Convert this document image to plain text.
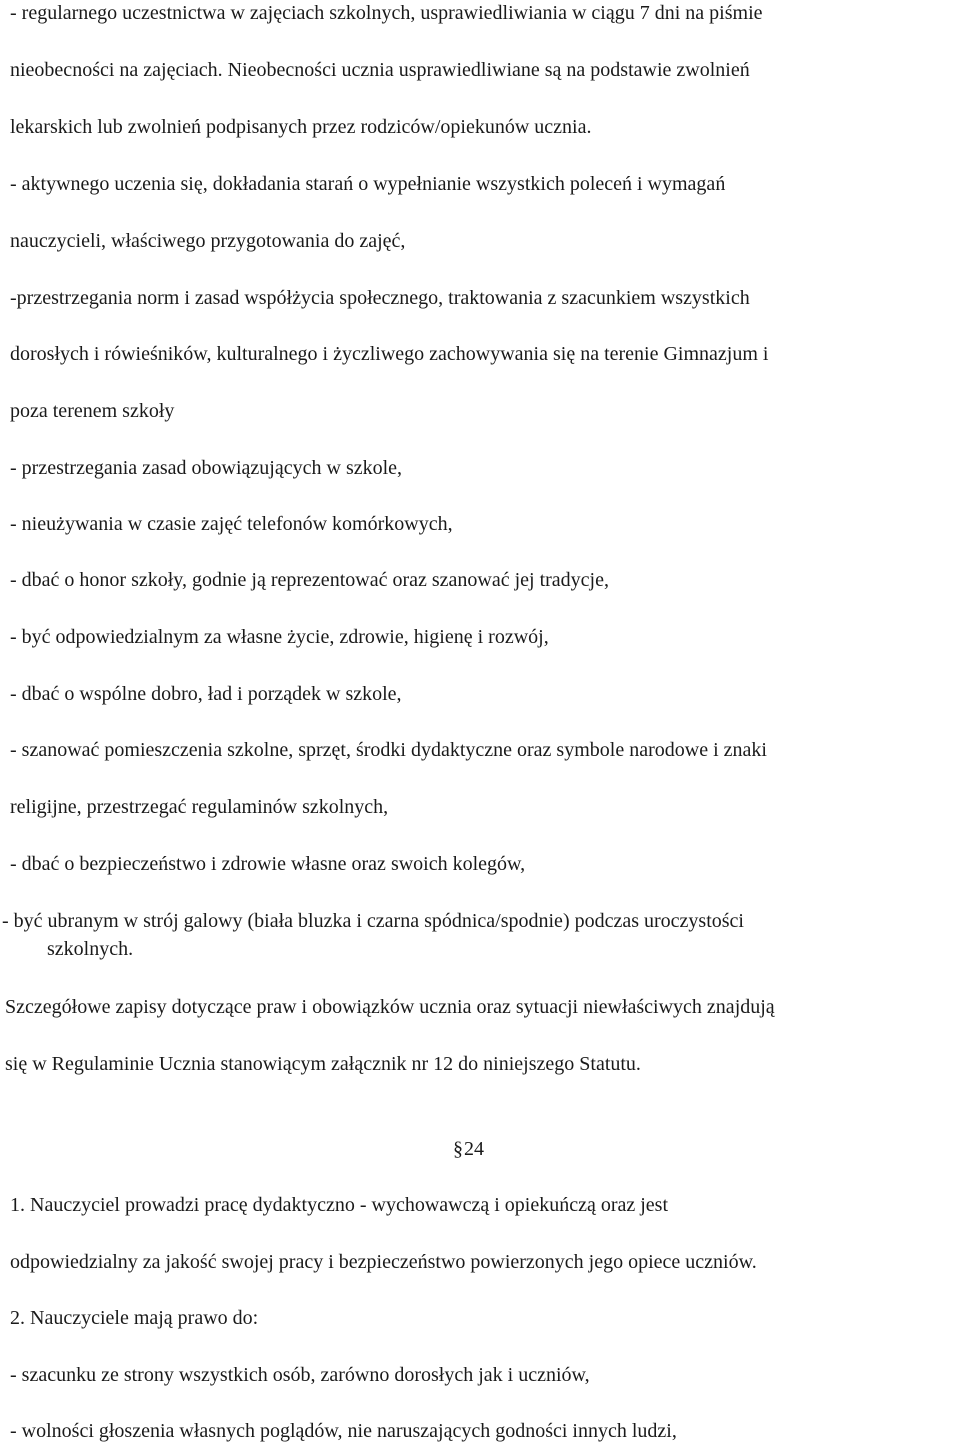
- regularnego uczestnictwa w zajęciach szkolnych, usprawiedliwiania w ciągu 7 dni na piśmie
nieobecności na zajęciach. Nieobecności ucznia usprawiedliwiane są na podstawie zwolnień
lekarskich lub zwolnień podpisanych przez rodziców/opiekunów ucznia.
- aktywnego uczenia się, dokładania starań o wypełnianie wszystkich poleceń i wymagań
nauczycieli, właściwego przygotowania do zajęć,
-przestrzegania norm i zasad współżycia społecznego, traktowania z szacunkiem wszystkich
dorosłych i rówieśników, kulturalnego i życzliwego zachowywania się na terenie Gimnazjum i
poza terenem szkoły
- przestrzegania zasad obowiązujących w szkole,
- nieużywania w czasie zajęć telefonów komórkowych,
- dbać o honor szkoły, godnie ją reprezentować oraz szanować jej tradycje,
- być odpowiedzialnym za własne życie, zdrowie, higienę i rozwój,
- dbać o wspólne dobro, ład i porządek w szkole,
- szanować pomieszczenia szkolne, sprzęt, środki dydaktyczne oraz symbole narodowe i znaki
religijne, przestrzegać regulaminów szkolnych,
- dbać o bezpieczeństwo i zdrowie własne oraz swoich kolegów,
- być ubranym w strój galowy (biała bluzka i czarna spódnica/spodnie) podczas uroczystości
szkolnych.
Szczegółowe zapisy dotyczące praw i obowiązków ucznia oraz sytuacji niewłaściwych znajdują
się w Regulaminie Ucznia stanowiącym załącznik nr 12 do niniejszego Statutu.
§24
1. Nauczyciel prowadzi pracę dydaktyczno - wychowawczą i opiekuńczą oraz jest
odpowiedzialny za jakość swojej pracy i bezpieczeństwo powierzonych jego opiece uczniów.
2. Nauczyciele mają prawo do:
- szacunku ze strony wszystkich osób, zarówno dorosłych jak i uczniów,
- wolności głoszenia własnych poglądów, nie naruszających godności innych ludzi,
